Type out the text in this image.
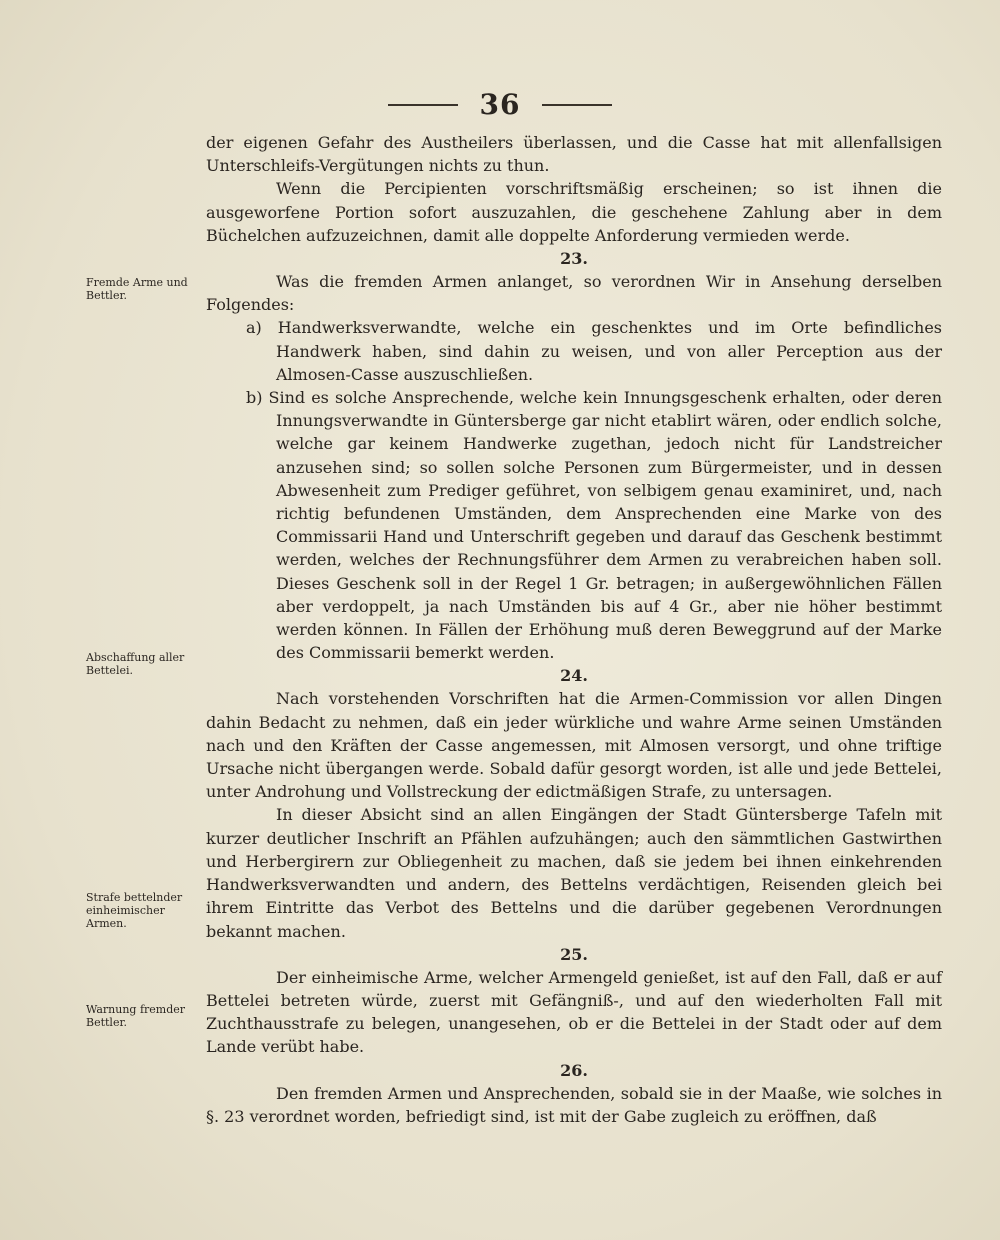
36
Fremde Arme und Bettler.
Abschaffung aller Bettelei.
Strafe bettelnder einheimischer Armen.
Warnung fremder Bettler.

der eigenen Gefahr des Austheilers überlassen, und die Casse hat mit allenfallsigen Unterschleifs-Vergütungen nichts zu thun.

Wenn die Percipienten vorschriftsmäßig erscheinen; so ist ihnen die ausgeworfene Portion sofort auszuzahlen, die geschehene Zahlung aber in dem Büchelchen aufzuzeichnen, damit alle doppelte Anforderung vermieden werde.

23.

Was die fremden Armen anlanget, so verordnen Wir in Ansehung derselben Folgendes:

a) Handwerksverwandte, welche ein geschenktes und im Orte befindliches Handwerk haben, sind dahin zu weisen, und von aller Perception aus der Almosen-Casse auszuschließen.

b) Sind es solche Ansprechende, welche kein Innungsgeschenk erhalten, oder deren Innungsverwandte in Güntersberge gar nicht etablirt wären, oder endlich solche, welche gar keinem Handwerke zugethan, jedoch nicht für Landstreicher anzusehen sind; so sollen solche Personen zum Bürgermeister, und in dessen Abwesenheit zum Prediger geführet, von selbigem genau examiniret, und, nach richtig befundenen Umständen, dem Ansprechenden eine Marke von des Commissarii Hand und Unterschrift gegeben und darauf das Geschenk bestimmt werden, welches der Rechnungsführer dem Armen zu verabreichen haben soll. Dieses Geschenk soll in der Regel 1 Gr. betragen; in außergewöhnlichen Fällen aber verdoppelt, ja nach Umständen bis auf 4 Gr., aber nie höher bestimmt werden können. In Fällen der Erhöhung muß deren Beweggrund auf der Marke des Commissarii bemerkt werden.

24.

Nach vorstehenden Vorschriften hat die Armen-Commission vor allen Dingen dahin Bedacht zu nehmen, daß ein jeder würkliche und wahre Arme seinen Umständen nach und den Kräften der Casse angemessen, mit Almosen versorgt, und ohne triftige Ursache nicht übergangen werde. Sobald dafür gesorgt worden, ist alle und jede Bettelei, unter Androhung und Vollstreckung der edictmäßigen Strafe, zu untersagen.

In dieser Absicht sind an allen Eingängen der Stadt Güntersberge Tafeln mit kurzer deutlicher Inschrift an Pfählen aufzuhängen; auch den sämmtlichen Gastwirthen und Herbergirern zur Obliegenheit zu machen, daß sie jedem bei ihnen einkehrenden Handwerksverwandten und andern, des Bettelns verdächtigen, Reisenden gleich bei ihrem Eintritte das Verbot des Bettelns und die darüber gegebenen Verordnungen bekannt machen.

25.

Der einheimische Arme, welcher Armengeld genießet, ist auf den Fall, daß er auf Bettelei betreten würde, zuerst mit Gefängniß-, und auf den wiederholten Fall mit Zuchthausstrafe zu belegen, unangesehen, ob er die Bettelei in der Stadt oder auf dem Lande verübt habe.

26.

Den fremden Armen und Ansprechenden, sobald sie in der Maaße, wie solches in §. 23 verordnet worden, befriedigt sind, ist mit der Gabe zugleich zu eröffnen, daß
